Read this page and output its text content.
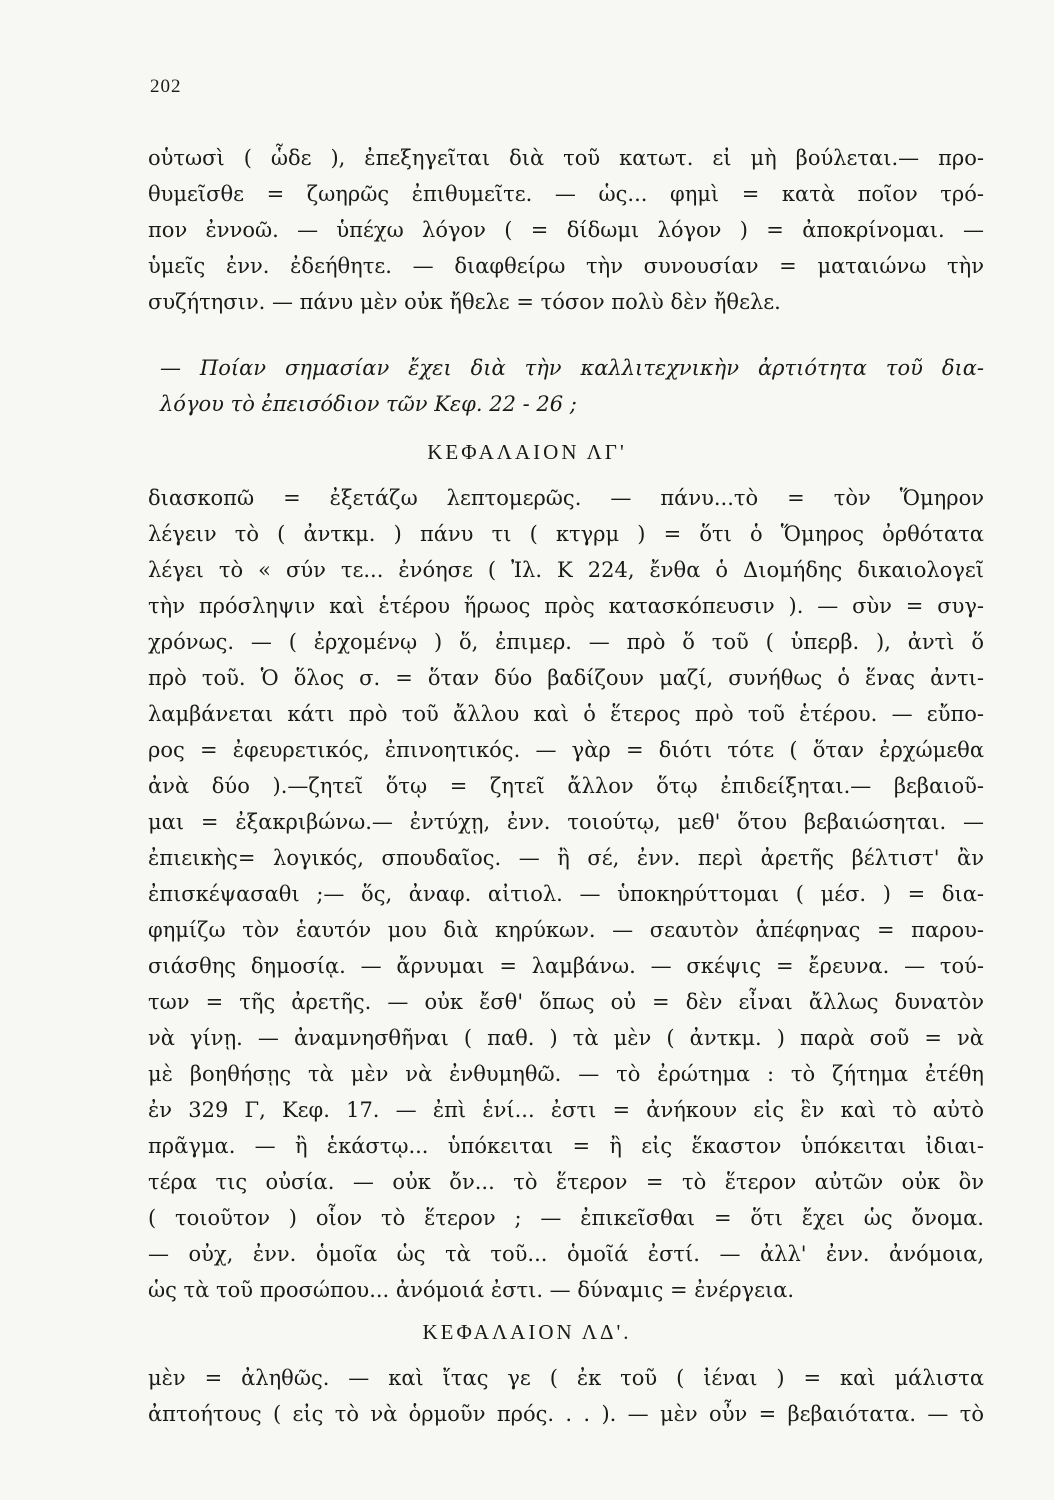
202
οὑτωσὶ ( ὧδε ), ἐπεξηγεῖται διὰ τοῦ κατωτ. εἰ μὴ βούλεται.— προ-
θυμεῖσθε = ζωηρῶς ἐπιθυμεῖτε. — ὡς... φημὶ = κατὰ ποῖον τρό-
πον ἐννοῶ. — ὑπέχω λόγον ( = δίδωμι λόγον ) = ἀποκρίνομαι. —
ὑμεῖς ἐνν. ἐδεήθητε. — διαφθείρω τὴν συνουσίαν = ματαιώνω τὴν
συζήτησιν. — πάνυ μὲν οὐκ ἤθελε = τόσον πολὺ δὲν ἤθελε.
— Ποίαν σημασίαν ἔχει διὰ τὴν καλλιτεχνικὴν ἀρτιότητα τοῦ δια-
λόγου τὸ ἐπεισόδιον τῶν Κεφ. 22 - 26 ;
ΚΕΦΑΛΑΙΟΝ ΛΓ'
διασκοπῶ = ἐξετάζω λεπτομερῶς. — πάνυ...τὸ = τὸν Ὅμηρον
λέγειν τὸ ( ἀντκμ. ) πάνυ τι ( κτγρμ ) = ὅτι ὁ Ὅμηρος ὀρθότατα
λέγει τὸ « σύν τε... ἐνόησε ( Ἰλ. Κ 224, ἔνθα ὁ Διομήδης δικαιολογεῖ
τὴν πρόσληψιν καὶ ἑτέρου ἥρωος πρὸς κατασκόπευσιν ). — σὺν = συγ-
χρόνως. — ( ἐρχομένῳ ) ὅ, ἐπιμερ. — πρὸ ὅ τοῦ ( ὑπερβ. ), ἀντὶ ὅ
πρὸ τοῦ. Ὁ ὅλος σ. = ὅταν δύο βαδίζουν μαζί, συνήθως ὁ ἕνας ἀντι-
λαμβάνεται κάτι πρὸ τοῦ ἄλλου καὶ ὁ ἕτερος πρὸ τοῦ ἑτέρου. — εὔπο-
ρος = ἐφευρετικός, ἐπινοητικός. — γὰρ = διότι τότε ( ὅταν ἐρχώμεθα
ἀνὰ δύο ).—ζητεῖ ὅτῳ = ζητεῖ ἄλλον ὅτῳ ἐπιδείξηται.— βεβαιοῦ-
μαι = ἐξακριβώνω.— ἐντύχῃ, ἐνν. τοιούτῳ, μεθ' ὅτου βεβαιώσηται. —
ἐπιεικὴς= λογικός, σπουδαῖος. — ἢ σέ, ἐνν. περὶ ἀρετῆς βέλτιστ' ἂν
ἐπισκέψασαθι ;— ὅς, ἀναφ. αἰτιολ. — ὑποκηρύττομαι ( μέσ. ) = δια-
φημίζω τὸν ἑαυτόν μου διὰ κηρύκων. — σεαυτὸν ἀπέφηνας = παρου-
σιάσθης δημοσίᾳ. — ἄρνυμαι = λαμβάνω. — σκέψις = ἔρευνα. — τού-
των = τῆς ἀρετῆς. — οὐκ ἔσθ' ὅπως οὐ = δὲν εἶναι ἄλλως δυνατὸν
νὰ γίνῃ. — ἀναμνησθῆναι ( παθ. ) τὰ μὲν ( ἀντκμ. ) παρὰ σοῦ = νὰ
μὲ βοηθήσῃς τὰ μὲν νὰ ἐνθυμηθῶ. — τὸ ἐρώτημα : τὸ ζήτημα ἐτέθη
ἐν 329 Γ, Κεφ. 17. — ἐπὶ ἑνί... ἐστι = ἀνήκουν εἰς ἓν καὶ τὸ αὐτὸ
πρᾶγμα. — ἢ ἑκάστῳ... ὑπόκειται = ἢ εἰς ἕκαστον ὑπόκειται ἰδιαι-
τέρα τις οὐσία. — οὐκ ὄν... τὸ ἕτερον = τὸ ἕτερον αὐτῶν οὐκ ὂν
( τοιοῦτον ) οἷον τὸ ἕτερον ; — ἐπικεῖσθαι = ὅτι ἔχει ὡς ὄνομα.
— οὐχ, ἐνν. ὁμοῖα ὡς τὰ τοῦ... ὁμοῖά ἐστί. — ἀλλ' ἐνν. ἀνόμοια,
ὡς τὰ τοῦ προσώπου... ἀνόμοιά ἐστι. — δύναμις = ἐνέργεια.
ΚΕΦΑΛΑΙΟΝ ΛΔ'.
μὲν = ἀληθῶς. — καὶ ἴτας γε ( ἐκ τοῦ ( ἰέναι ) = καὶ μάλιστα
ἀπτοήτους ( εἰς τὸ νὰ ὁρμοῦν πρός. . . ). — μὲν οὖν = βεβαιότατα. — τὸ
